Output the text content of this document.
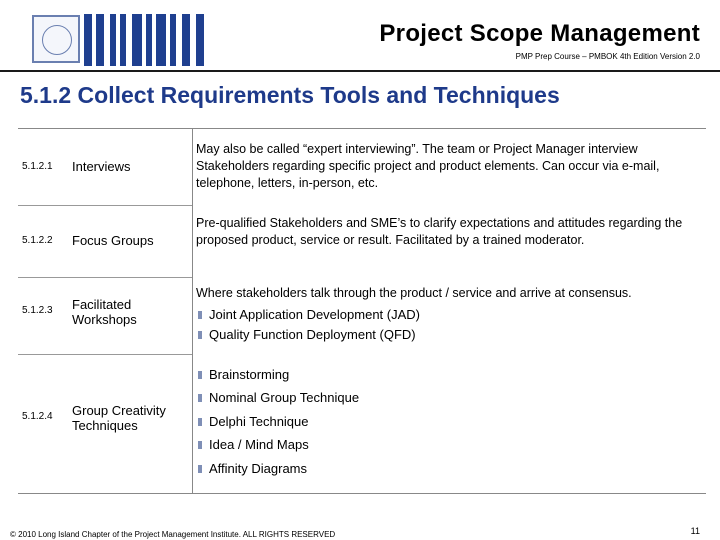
Project Scope Management
PMP Prep Course – PMBOK 4th Edition Version 2.0
5.1.2 Collect Requirements Tools and Techniques
5.1.2.1	Interviews
May also be called “expert interviewing”. The team or Project Manager interview Stakeholders regarding specific project and product elements. Can occur via e-mail, telephone, letters, in-person, etc.
5.1.2.2	Focus Groups
Pre-qualified Stakeholders and SME’s to clarify expectations and attitudes regarding the proposed product, service or result. Facilitated by a trained moderator.
5.1.2.3	Facilitated Workshops
Where stakeholders talk through the product / service and arrive at consensus.
Joint Application Development (JAD)
Quality Function Deployment (QFD)
5.1.2.4	Group Creativity Techniques
Brainstorming
Nominal Group Technique
Delphi Technique
Idea / Mind Maps
Affinity Diagrams
© 2010 Long Island Chapter of the Project Management Institute. ALL RIGHTS RESERVED	11
